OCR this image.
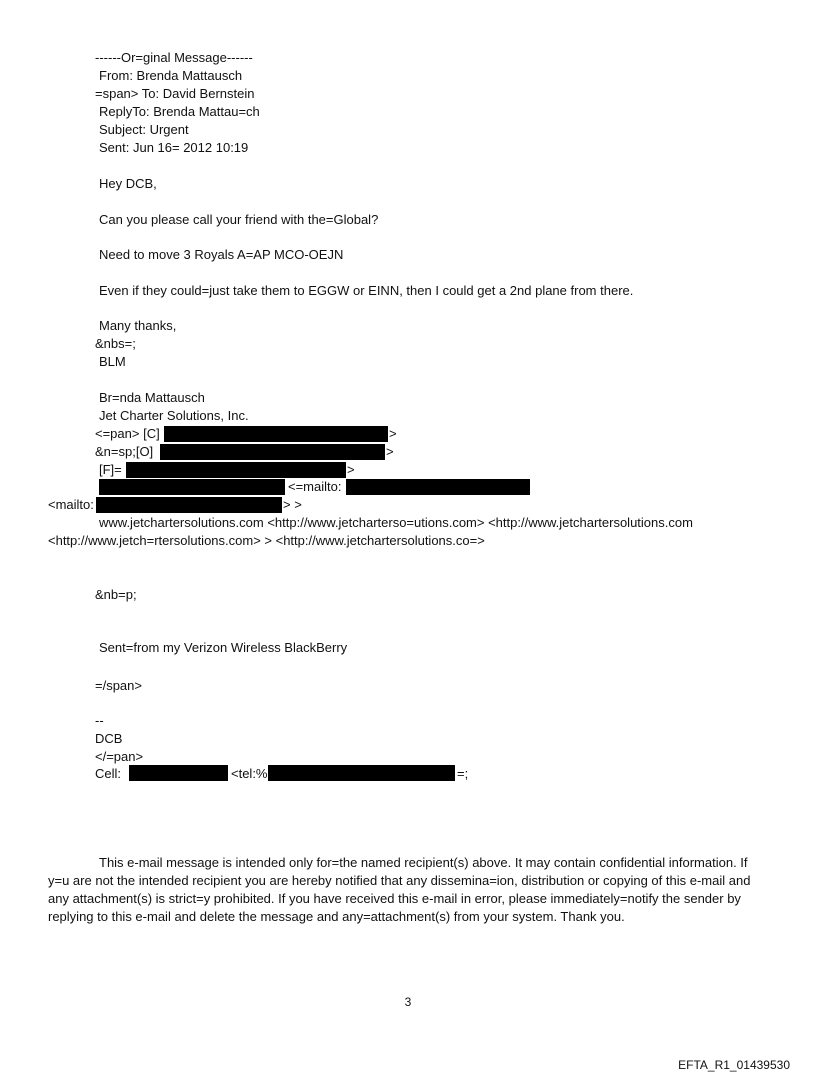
------Or=ginal Message------
From: Brenda Mattausch
=span> To: David Bernstein
ReplyTo: Brenda Mattau=ch
Subject: Urgent
Sent: Jun 16= 2012 10:19
Hey DCB,
Can you please call your friend with the=Global?
Need to move 3 Royals A=AP MCO-OEJN
Even if they could=just take them to EGGW or EINN, then I could get a 2nd plane from there.
Many thanks,
&nbs=;
BLM
Br=nda Mattausch
Jet Charter Solutions, Inc.
<=pan> [C]	>
&n=sp;[O]	>
[F]=	>
<=mailto:
<mailto:	> >
www.jetchartersolutions.com <http://www.jetcharterso=utions.com> <http://www.jetchartersolutions.com
<http://www.jetch=rtersolutions.com> > <http://www.jetchartersolutions.co=>
&nb=p;
Sent=from my Verizon Wireless BlackBerry
=/span>
--
DCB
</=pan>
Cell:	<tel:%	=;
This e-mail message is intended only for=the named recipient(s) above. It may contain confidential information. If y=u are not the intended recipient you are hereby notified that any dissemina=ion, distribution or copying of this e-mail and any attachment(s) is strict=y prohibited. If you have received this e-mail in error, please immediately=notify the sender by replying to this e-mail and delete the message and any=attachment(s) from your system. Thank you.
3
EFTA_R1_01439530
